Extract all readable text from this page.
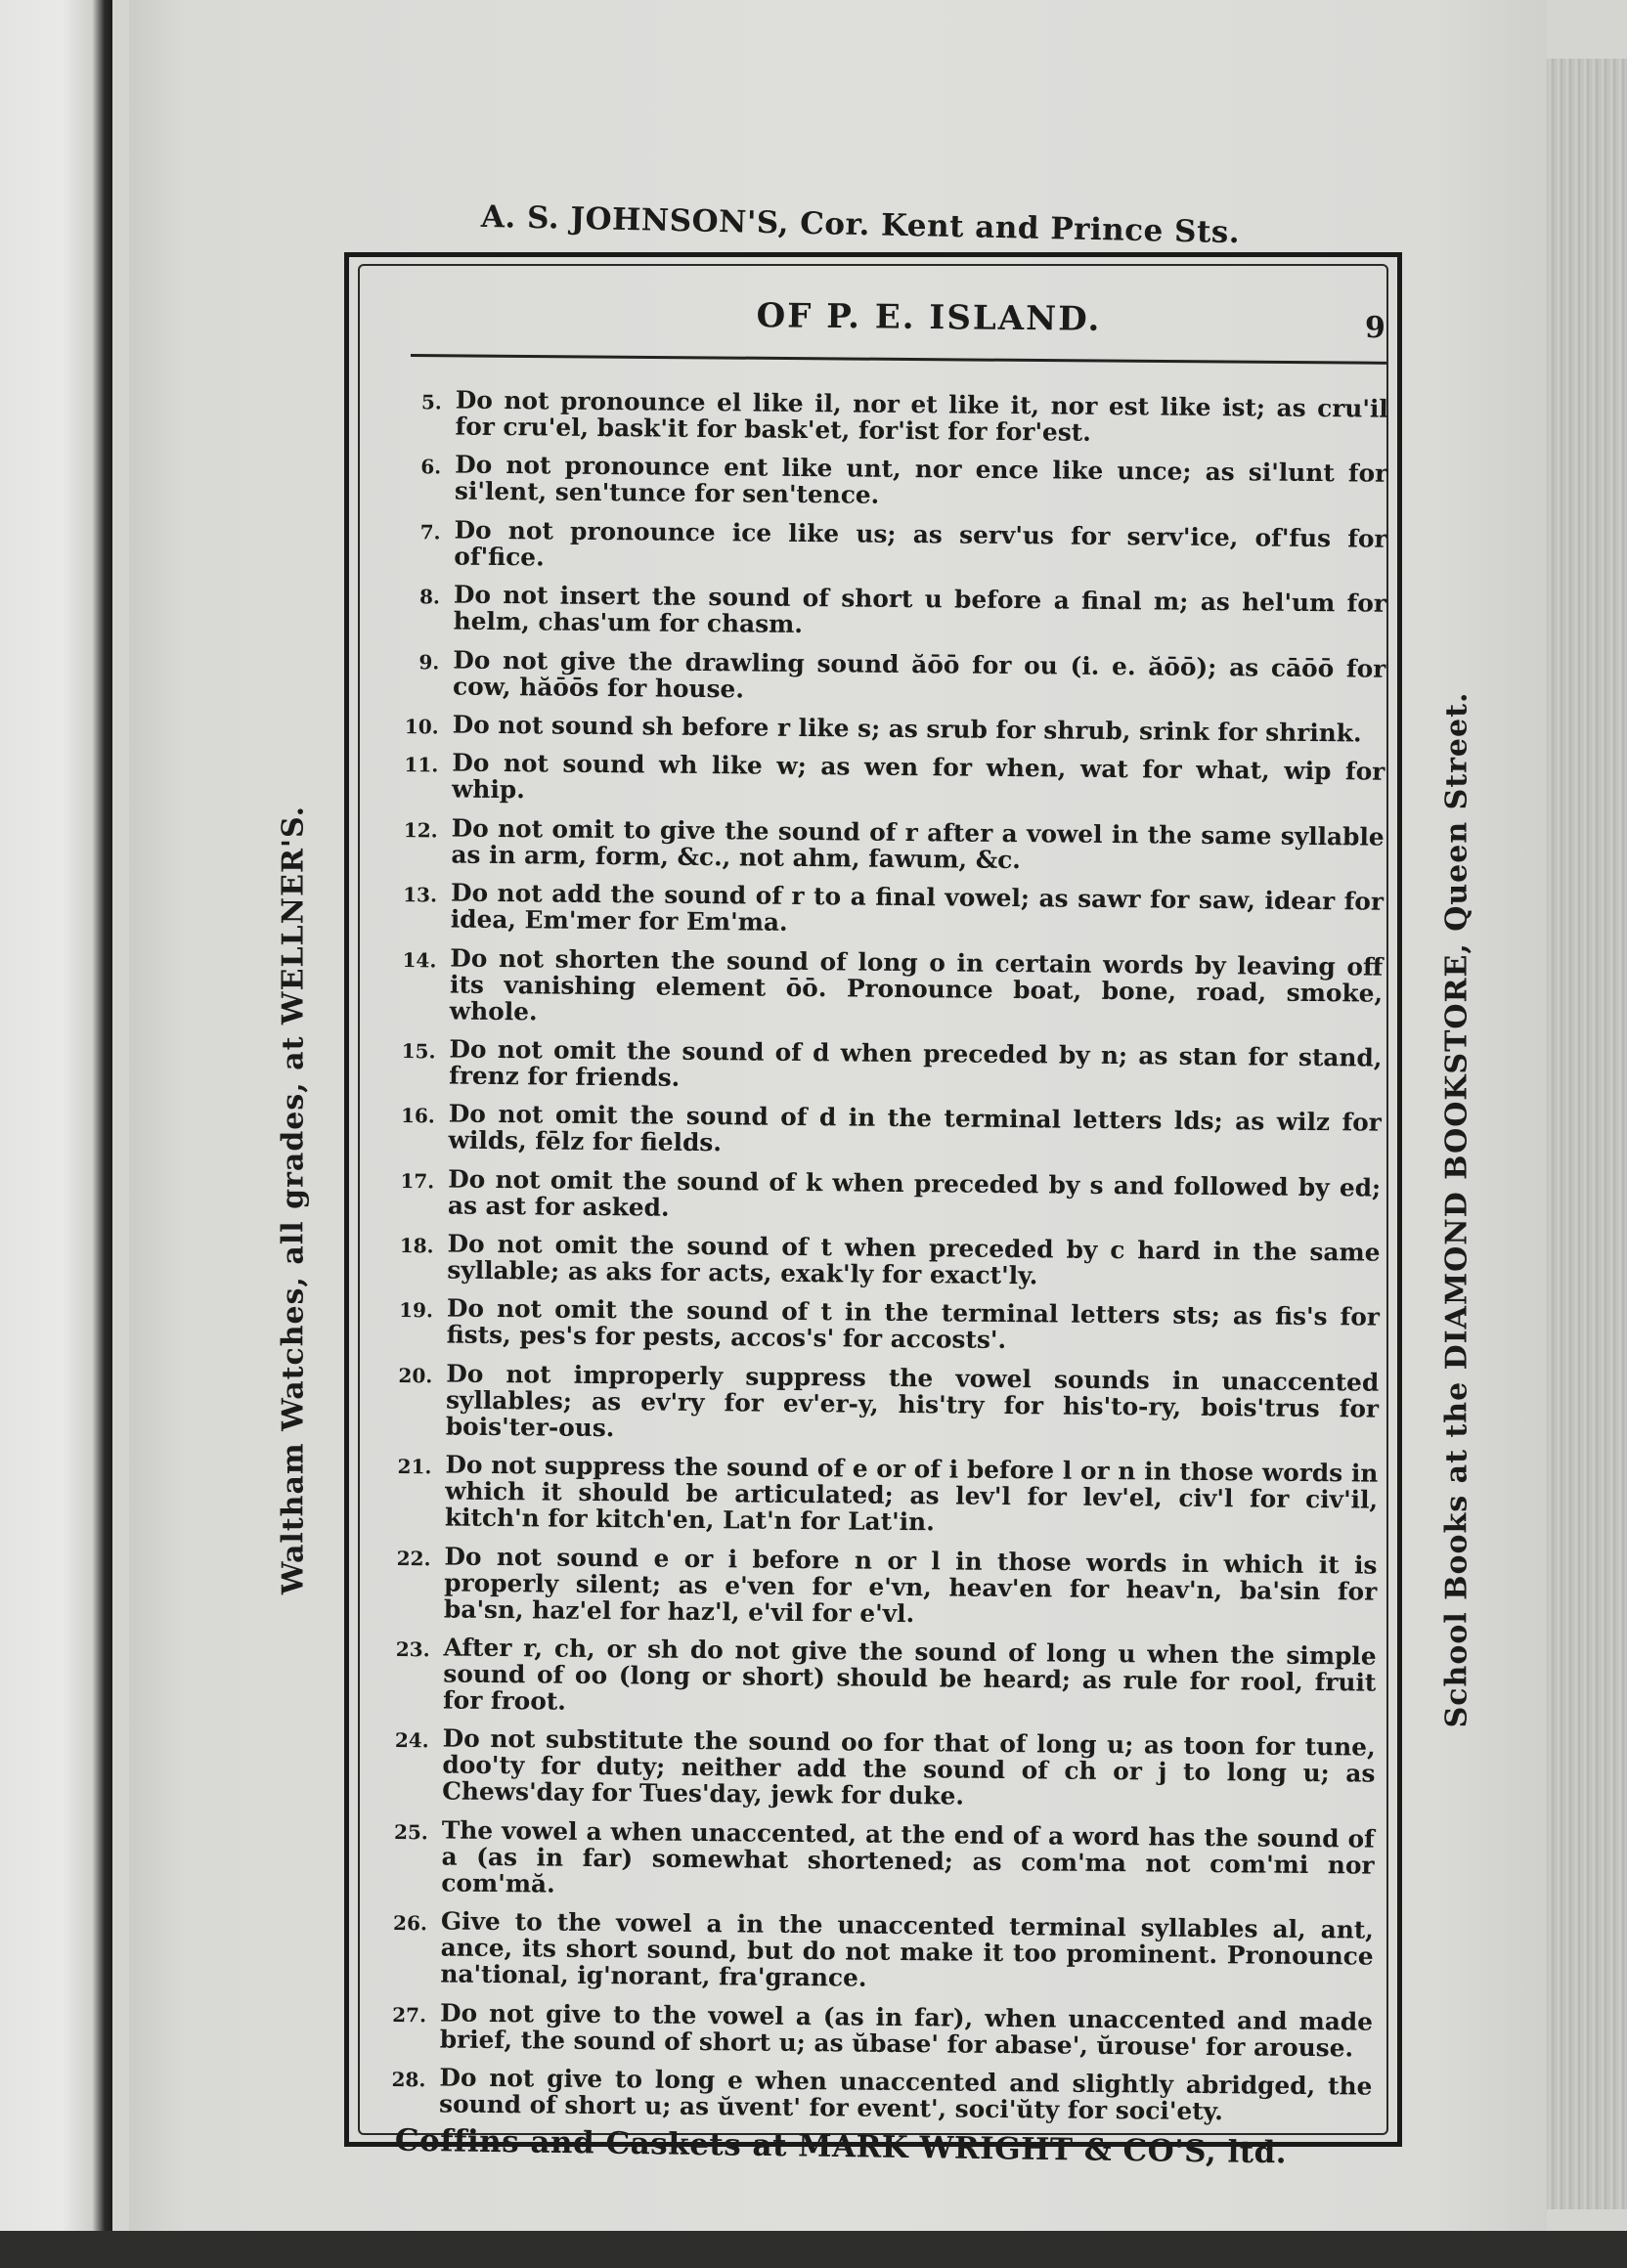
A. S. JOHNSON'S, Cor. Kent and Prince Sts.
Waltham Watches, all grades, at WELLNER'S.	School Books at the DIAMOND BOOKSTORE, Queen Street.
OF P. E. ISLAND.	9
5. Do not pronounce el like il, nor et like it, nor est like ist; as cru'il for cru'el, bask'it for bask'et, for'ist for for'est.
6. Do not pronounce ent like unt, nor ence like unce; as si'lunt for si'lent, sen'tunce for sen'tence.
7. Do not pronounce ice like us; as serv'us for serv'ice, of'fus for of'fice.
8. Do not insert the sound of short u before a final m; as hel'um for helm, chas'um for chasm.
9. Do not give the drawling sound ăōō for ou (i. e. ăōō); as cāōō for cow, hăōōs for house.
10. Do not sound sh before r like s; as srub for shrub, srink for shrink.
11. Do not sound wh like w; as wen for when, wat for what, wip for whip.
12. Do not omit to give the sound of r after a vowel in the same syllable as in arm, form, &c., not ahm, fawum, &c.
13. Do not add the sound of r to a final vowel; as sawr for saw, idear for idea, Em'mer for Em'ma.
14. Do not shorten the sound of long o in certain words by leaving off its vanishing element ōō. Pronounce boat, bone, road, smoke, whole.
15. Do not omit the sound of d when preceded by n; as stan for stand, frenz for friends.
16. Do not omit the sound of d in the terminal letters lds; as wilz for wilds, fēlz for fields.
17. Do not omit the sound of k when preceded by s and followed by ed; as ast for asked.
18. Do not omit the sound of t when preceded by c hard in the same syllable; as aks for acts, exak'ly for exact'ly.
19. Do not omit the sound of t in the terminal letters sts; as fis's for fists, pes's for pests, accos's' for accosts'.
20. Do not improperly suppress the vowel sounds in unaccented syllables; as ev'ry for ev'er-y, his'try for his'to-ry, bois'trus for bois'ter-ous.
21. Do not suppress the sound of e or of i before l or n in those words in which it should be articulated; as lev'l for lev'el, civ'l for civ'il, kitch'n for kitch'en, Lat'n for Lat'in.
22. Do not sound e or i before n or l in those words in which it is properly silent; as e'ven for e'vn, heav'en for heav'n, ba'sin for ba'sn, haz'el for haz'l, e'vil for e'vl.
23. After r, ch, or sh do not give the sound of long u when the simple sound of oo (long or short) should be heard; as rule for rool, fruit for froot.
24. Do not substitute the sound oo for that of long u; as toon for tune, doo'ty for duty; neither add the sound of ch or j to long u; as Chews'day for Tues'day, jewk for duke.
25. The vowel a when unaccented, at the end of a word has the sound of a (as in far) somewhat shortened; as com'ma not com'mi nor com'mă.
26. Give to the vowel a in the unaccented terminal syllables al, ant, ance, its short sound, but do not make it too prominent. Pronounce na'tional, ig'norant, fra'grance.
27. Do not give to the vowel a (as in far), when unaccented and made brief, the sound of short u; as ŭbase' for abase', ŭrouse' for arouse.
28. Do not give to long e when unaccented and slightly abridged, the sound of short u; as ŭvent' for event', soci'ŭty for soci'ety.
Coffins and Caskets at MARK WRIGHT & CO'S, ltd.
